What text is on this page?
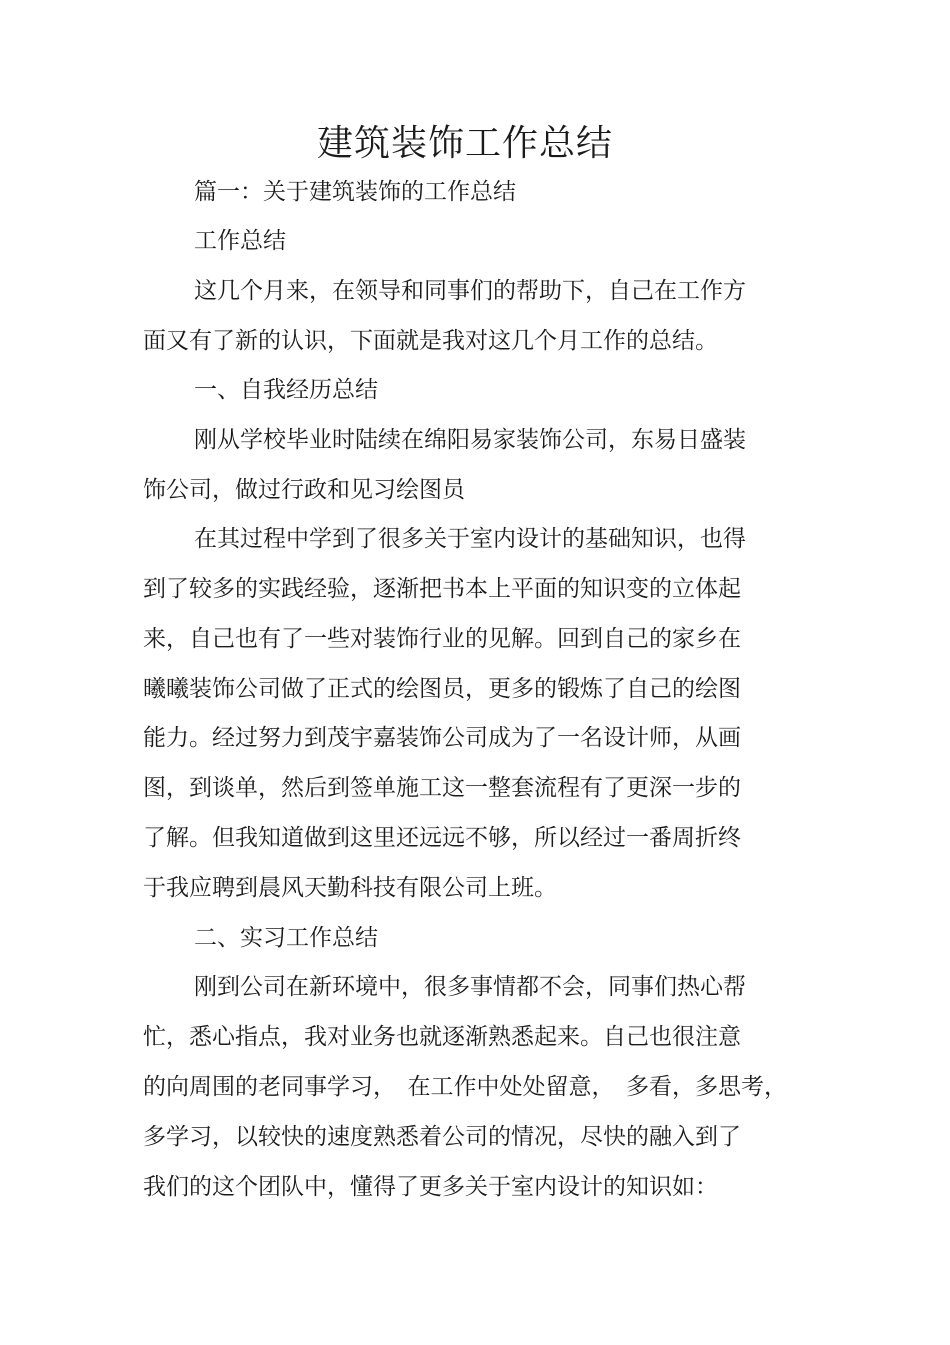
建筑装饰工作总结

篇一：关于建筑装饰的工作总结

工作总结

这几个月来，在领导和同事们的帮助下，自己在工作方

面又有了新的认识，下面就是我对这几个月工作的总结。

一、自我经历总结

刚从学校毕业时陆续在绵阳易家装饰公司，东易日盛装

饰公司，做过行政和见习绘图员

在其过程中学到了很多关于室内设计的基础知识，也得

到了较多的实践经验，逐渐把书本上平面的知识变的立体起

来，自己也有了一些对装饰行业的见解。回到自己的家乡在

曦曦装饰公司做了正式的绘图员，更多的锻炼了自己的绘图

能力。经过努力到茂宇嘉装饰公司成为了一名设计师，从画

图，到谈单，然后到签单施工这一整套流程有了更深一步的

了解。但我知道做到这里还远远不够，所以经过一番周折终

于我应聘到晨风天勤科技有限公司上班。

二、实习工作总结

刚到公司在新环境中，很多事情都不会，同事们热心帮

忙，悉心指点，我对业务也就逐渐熟悉起来。自己也很注意

的向周围的老同事学习，　在工作中处处留意，　多看，多思考，

多学习，以较快的速度熟悉着公司的情况，尽快的融入到了

我们的这个团队中，懂得了更多关于室内设计的知识如：
